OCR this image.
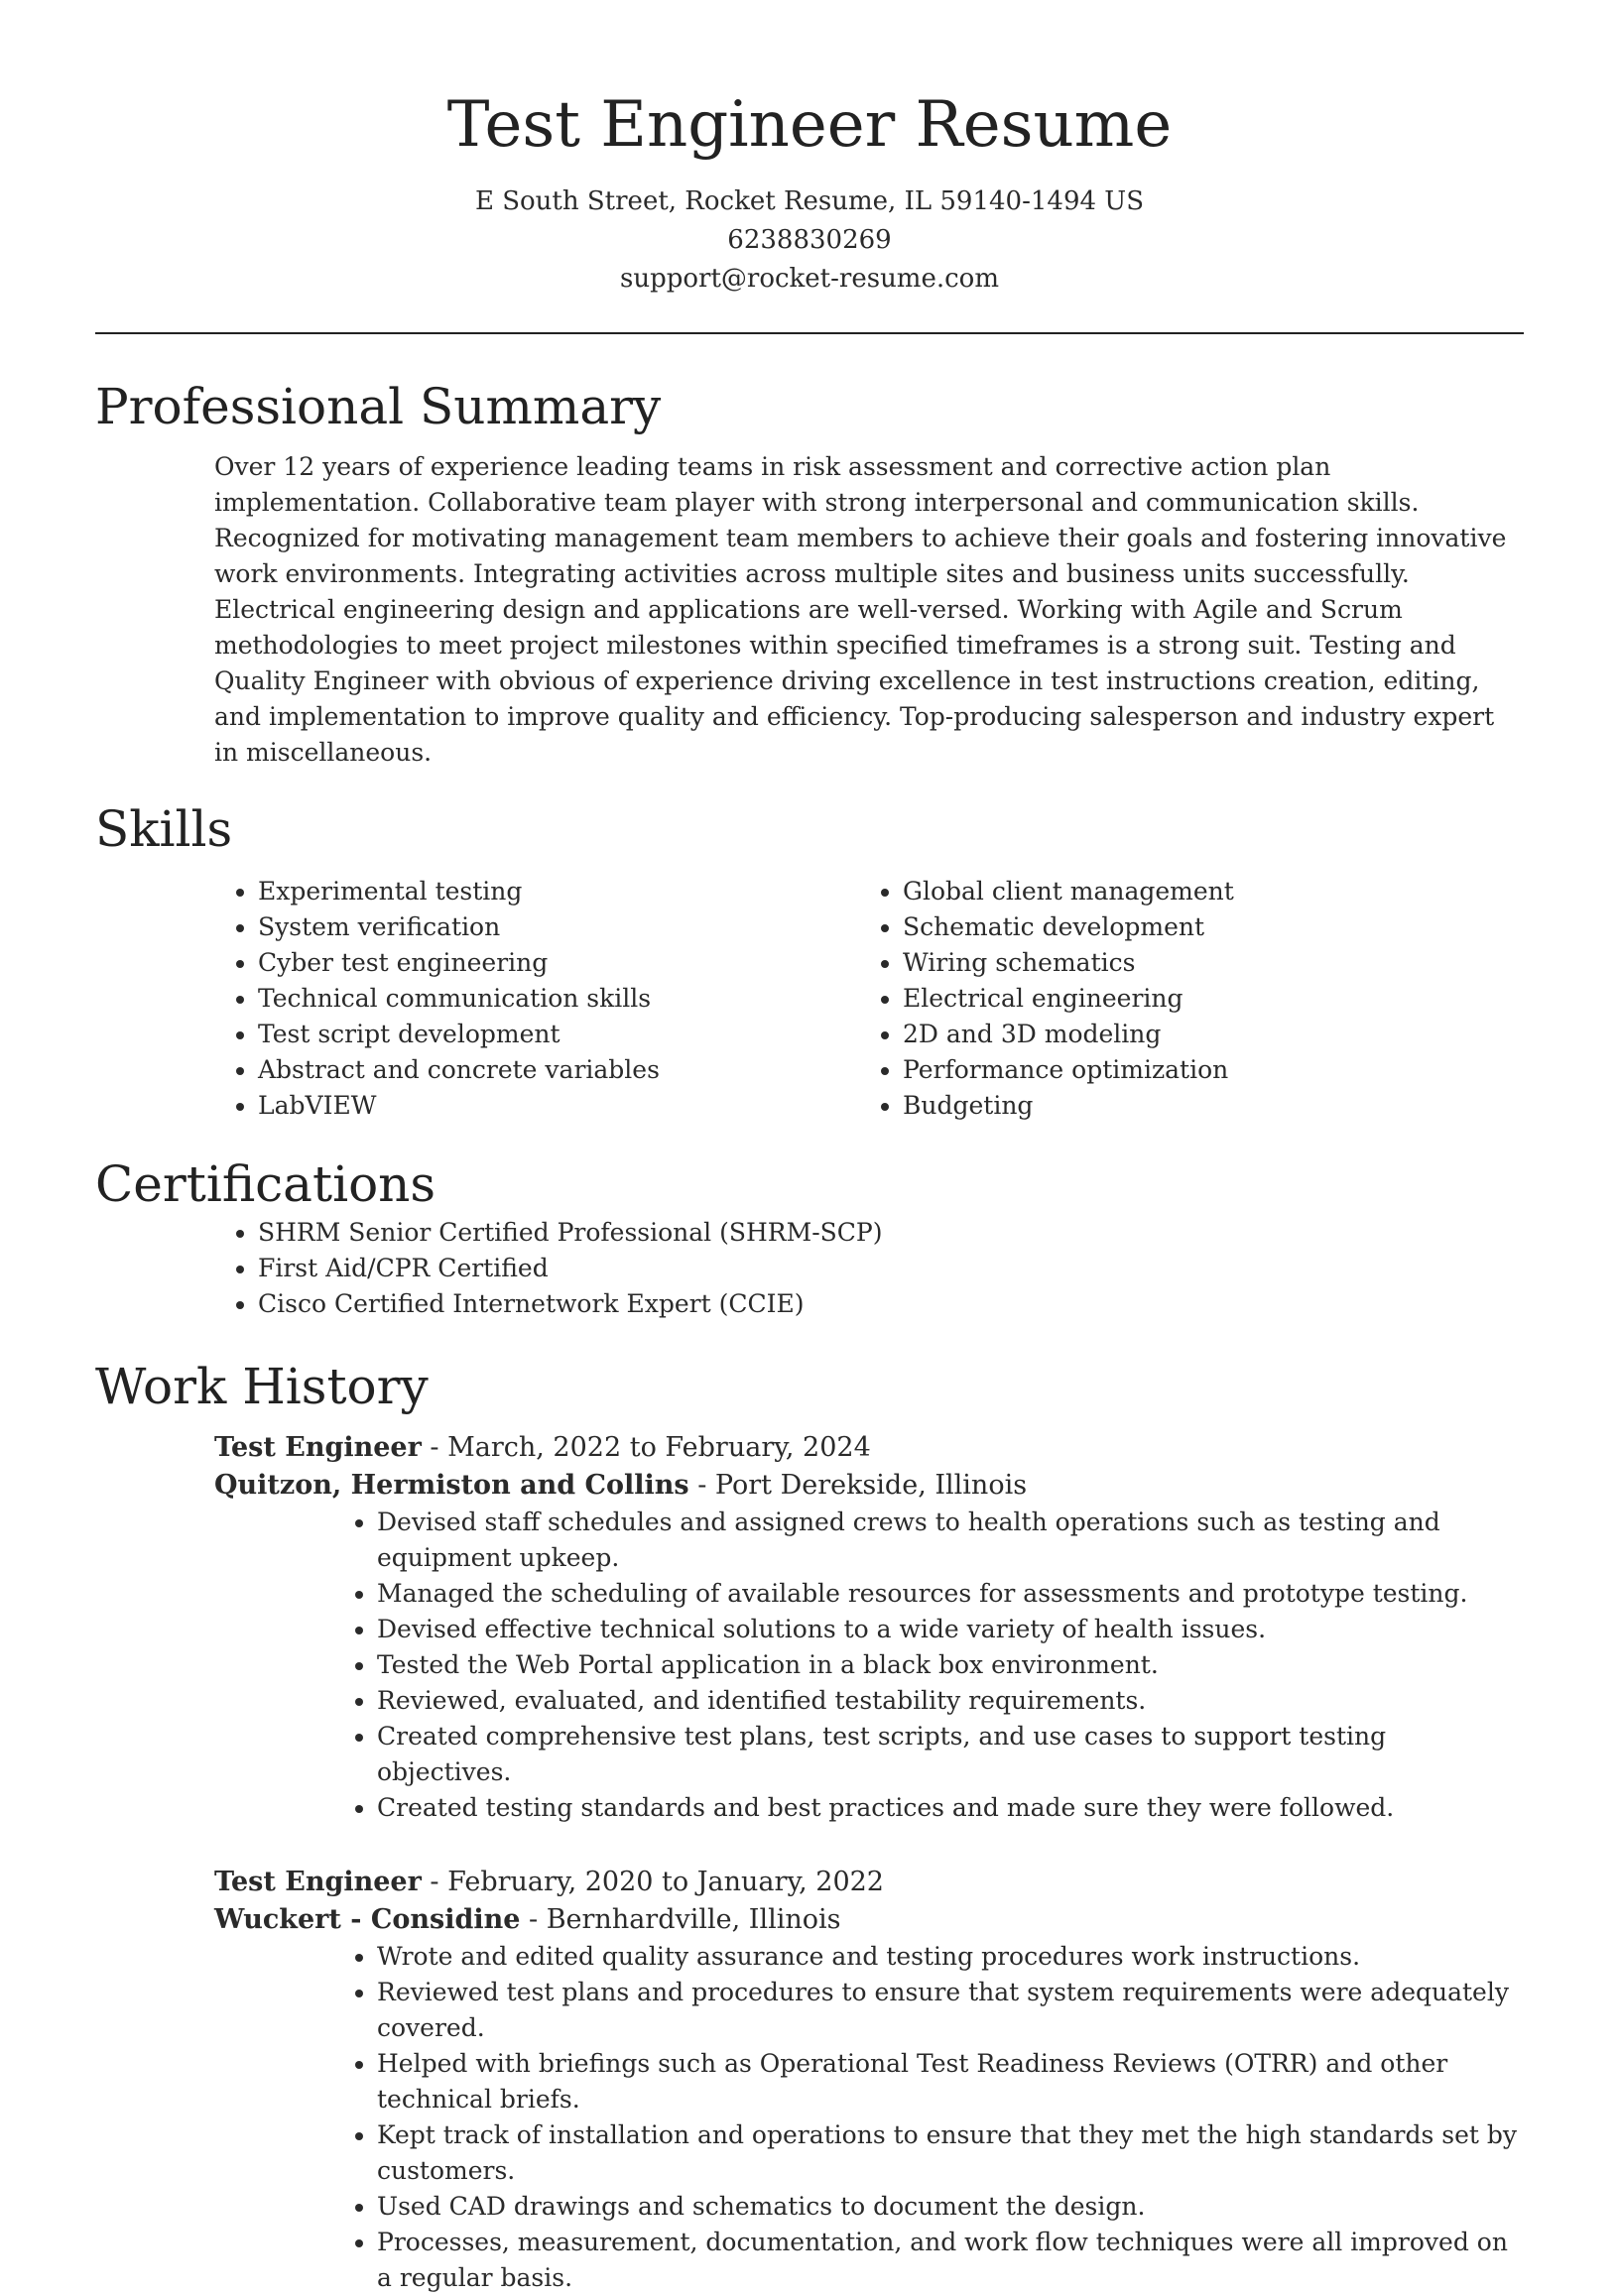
Test Engineer Resume
E South Street, Rocket Resume, IL 59140-1494 US
6238830269
support@rocket-resume.com
Professional Summary

Over 12 years of experience leading teams in risk assessment and corrective action plan implementation. Collaborative team player with strong interpersonal and communication skills. Recognized for motivating management team members to achieve their goals and fostering innovative work environments. Integrating activities across multiple sites and business units successfully. Electrical engineering design and applications are well-versed. Working with Agile and Scrum methodologies to meet project milestones within specified timeframes is a strong suit. Testing and Quality Engineer with obvious of experience driving excellence in test instructions creation, editing, and implementation to improve quality and efficiency. Top-producing salesperson and industry expert in miscellaneous.

Skills
• Experimental testing
• System verification
• Cyber test engineering
• Technical communication skills
• Test script development
• Abstract and concrete variables
• LabVIEW
• Global client management
• Schematic development
• Wiring schematics
• Electrical engineering
• 2D and 3D modeling
• Performance optimization
• Budgeting
Certifications
• SHRM Senior Certified Professional (SHRM-SCP)
• First Aid/CPR Certified
• Cisco Certified Internetwork Expert (CCIE)
Work History
Test Engineer - March, 2022 to February, 2024
Quitzon, Hermiston and Collins - Port Derekside, Illinois
• Devised staff schedules and assigned crews to health operations such as testing and equipment upkeep.
• Managed the scheduling of available resources for assessments and prototype testing.
• Devised effective technical solutions to a wide variety of health issues.
• Tested the Web Portal application in a black box environment.
• Reviewed, evaluated, and identified testability requirements.
• Created comprehensive test plans, test scripts, and use cases to support testing objectives.
• Created testing standards and best practices and made sure they were followed.
Test Engineer - February, 2020 to January, 2022
Wuckert - Considine - Bernhardville, Illinois
• Wrote and edited quality assurance and testing procedures work instructions.
• Reviewed test plans and procedures to ensure that system requirements were adequately covered.
• Helped with briefings such as Operational Test Readiness Reviews (OTRR) and other technical briefs.
• Kept track of installation and operations to ensure that they met the high standards set by customers.
• Used CAD drawings and schematics to document the design.
• Processes, measurement, documentation, and work flow techniques were all improved on a regular basis.
